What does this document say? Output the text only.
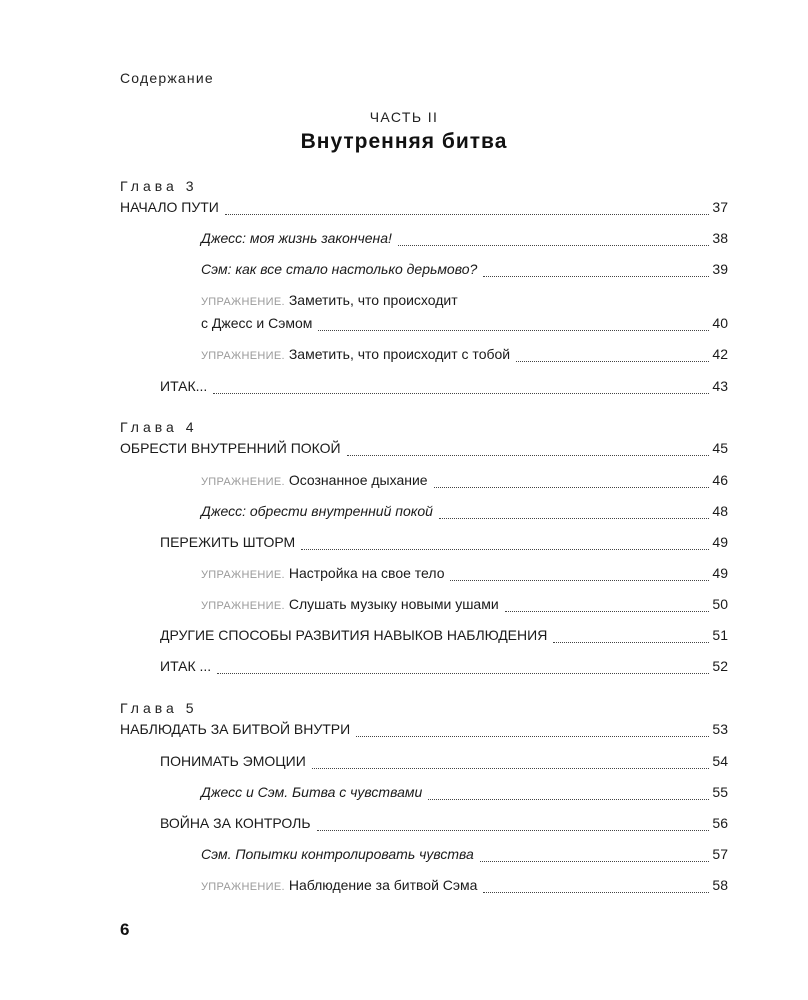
Содержание
ЧАСТЬ II
Внутренняя битва
Глава 3
НАЧАЛО ПУТИ	37
Джесс: моя жизнь закончена!	38
Сэм: как все стало настолько дерьмово?	39
УПРАЖНЕНИЕ. Заметить, что происходит
с Джесс и Сэмом	40
УПРАЖНЕНИЕ. Заметить, что происходит с тобой	42
ИТАК...	43
Глава 4
ОБРЕСТИ ВНУТРЕННИЙ ПОКОЙ	45
УПРАЖНЕНИЕ. Осознанное дыхание	46
Джесс: обрести внутренний покой	48
ПЕРЕЖИТЬ ШТОРМ	49
УПРАЖНЕНИЕ. Настройка на свое тело	49
УПРАЖНЕНИЕ. Слушать музыку новыми ушами	50
ДРУГИЕ СПОСОБЫ РАЗВИТИЯ НАВЫКОВ НАБЛЮДЕНИЯ	51
ИТАК ...	52
Глава 5
НАБЛЮДАТЬ ЗА БИТВОЙ ВНУТРИ	53
ПОНИМАТЬ ЭМОЦИИ	54
Джесс и Сэм. Битва с чувствами	55
ВОЙНА ЗА КОНТРОЛЬ	56
Сэм. Попытки контролировать чувства	57
УПРАЖНЕНИЕ. Наблюдение за битвой Сэма	58
6
